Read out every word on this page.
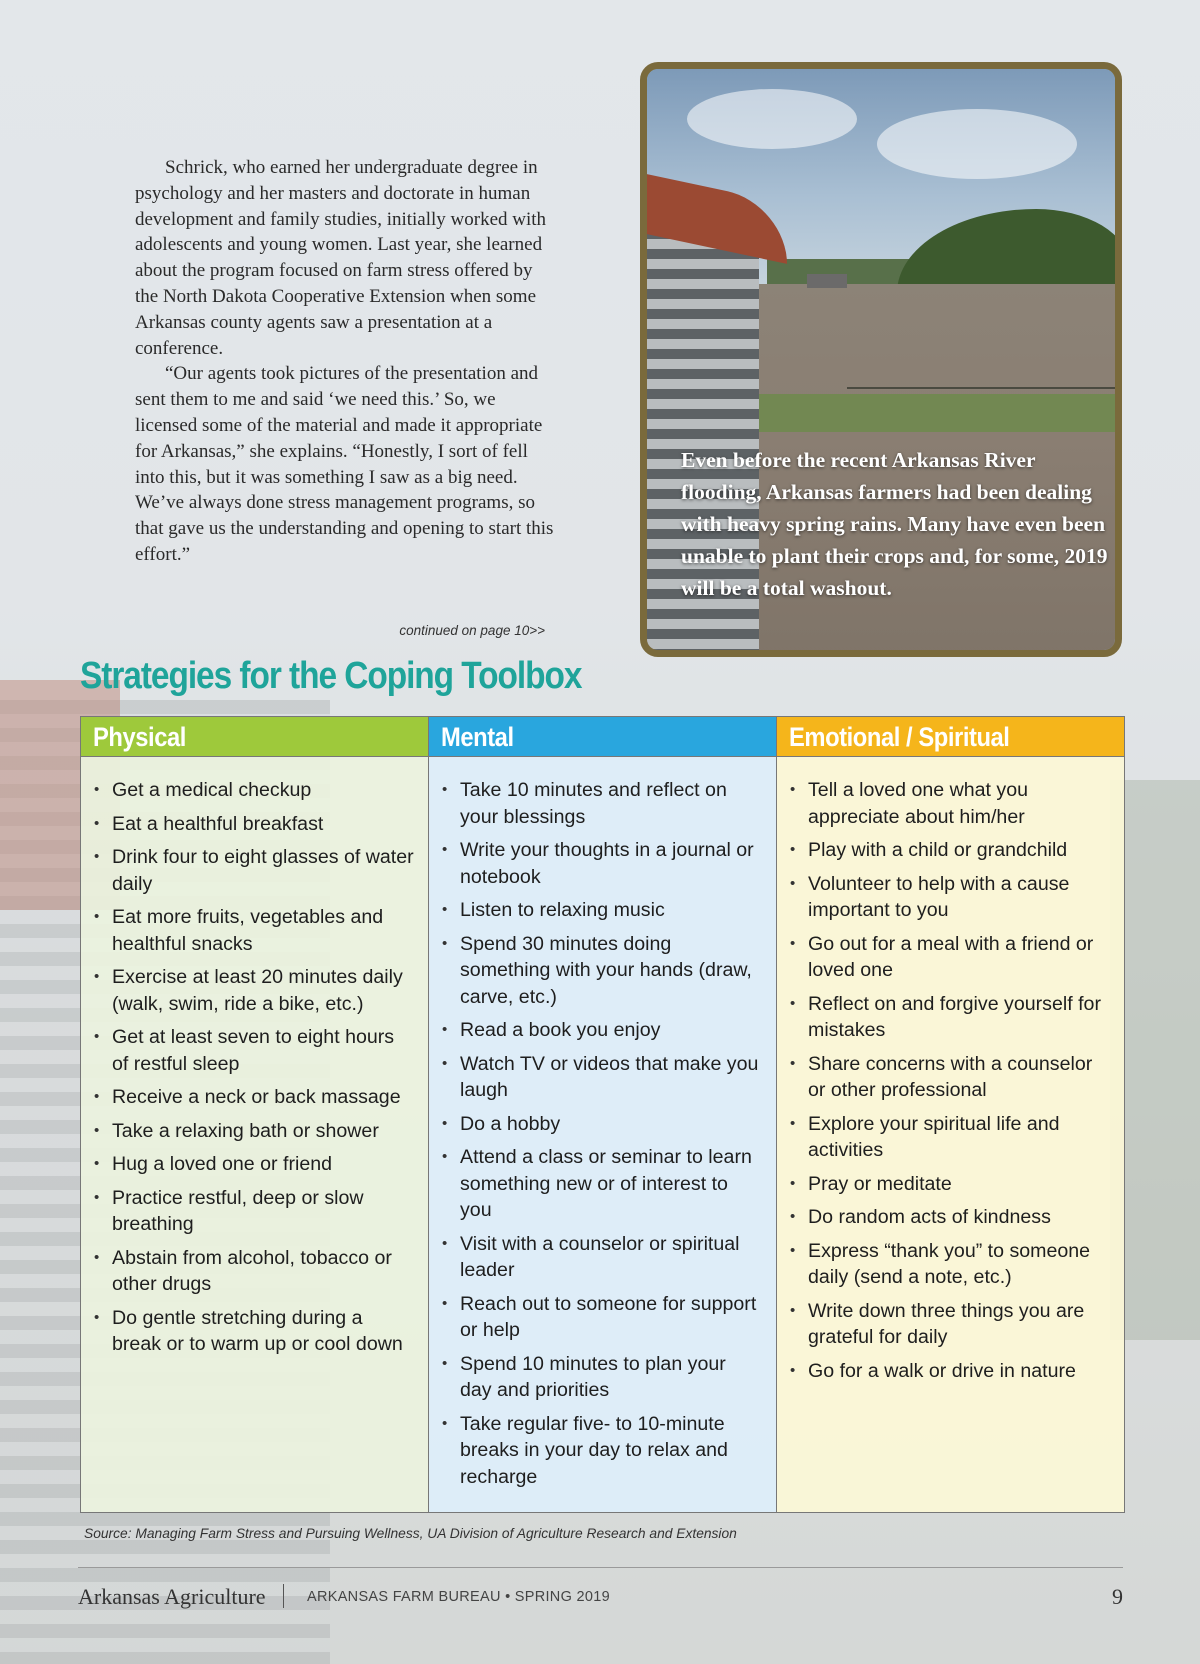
Schrick, who earned her undergraduate degree in psychology and her masters and doctorate in human development and family studies, initially worked with adolescents and young women. Last year, she learned about the program focused on farm stress offered by the North Dakota Cooperative Extension when some Arkansas county agents saw a presentation at a conference.

“Our agents took pictures of the presentation and sent them to me and said ‘we need this.’ So, we licensed some of the material and made it appropriate for Arkansas,” she explains. “Honestly, I sort of fell into this, but it was something I saw as a big need. We’ve always done stress management programs, so that gave us the understanding and opening to start this effort.”

continued on page 10>>
Even before the recent Arkansas River flooding, Arkansas farmers had been dealing with heavy spring rains. Many have even been unable to plant their crops and, for some, 2019 will be a total washout.
Strategies for the Coping Toolbox
Physical
• Get a medical checkup
• Eat a healthful breakfast
• Drink four to eight glasses of water daily
• Eat more fruits, vegetables and healthful snacks
• Exercise at least 20 minutes daily (walk, swim, ride a bike, etc.)
• Get at least seven to eight hours of restful sleep
• Receive a neck or back massage
• Take a relaxing bath or shower
• Hug a loved one or friend
• Practice restful, deep or slow breathing
• Abstain from alcohol, tobacco or other drugs
• Do gentle stretching during a break or to warm up or cool down
Mental
• Take 10 minutes and reflect on your blessings
• Write your thoughts in a journal or notebook
• Listen to relaxing music
• Spend 30 minutes doing something with your hands (draw, carve, etc.)
• Read a book you enjoy
• Watch TV or videos that make you laugh
• Do a hobby
• Attend a class or seminar to learn something new or of interest to you
• Visit with a counselor or spiritual leader
• Reach out to someone for support or help
• Spend 10 minutes to plan your day and priorities
• Take regular five- to 10-minute breaks in your day to relax and recharge
Emotional / Spiritual
• Tell a loved one what you appreciate about him/her
• Play with a child or grandchild
• Volunteer to help with a cause important to you
• Go out for a meal with a friend or loved one
• Reflect on and forgive yourself for mistakes
• Share concerns with a counselor or other professional
• Explore your spiritual life and activities
• Pray or meditate
• Do random acts of kindness
• Express “thank you” to someone daily (send a note, etc.)
• Write down three things you are grateful for daily
• Go for a walk or drive in nature
Source: Managing Farm Stress and Pursuing Wellness, UA Division of Agriculture Research and Extension
Arkansas Agriculture	ARKANSAS FARM BUREAU • SPRING 2019	9
